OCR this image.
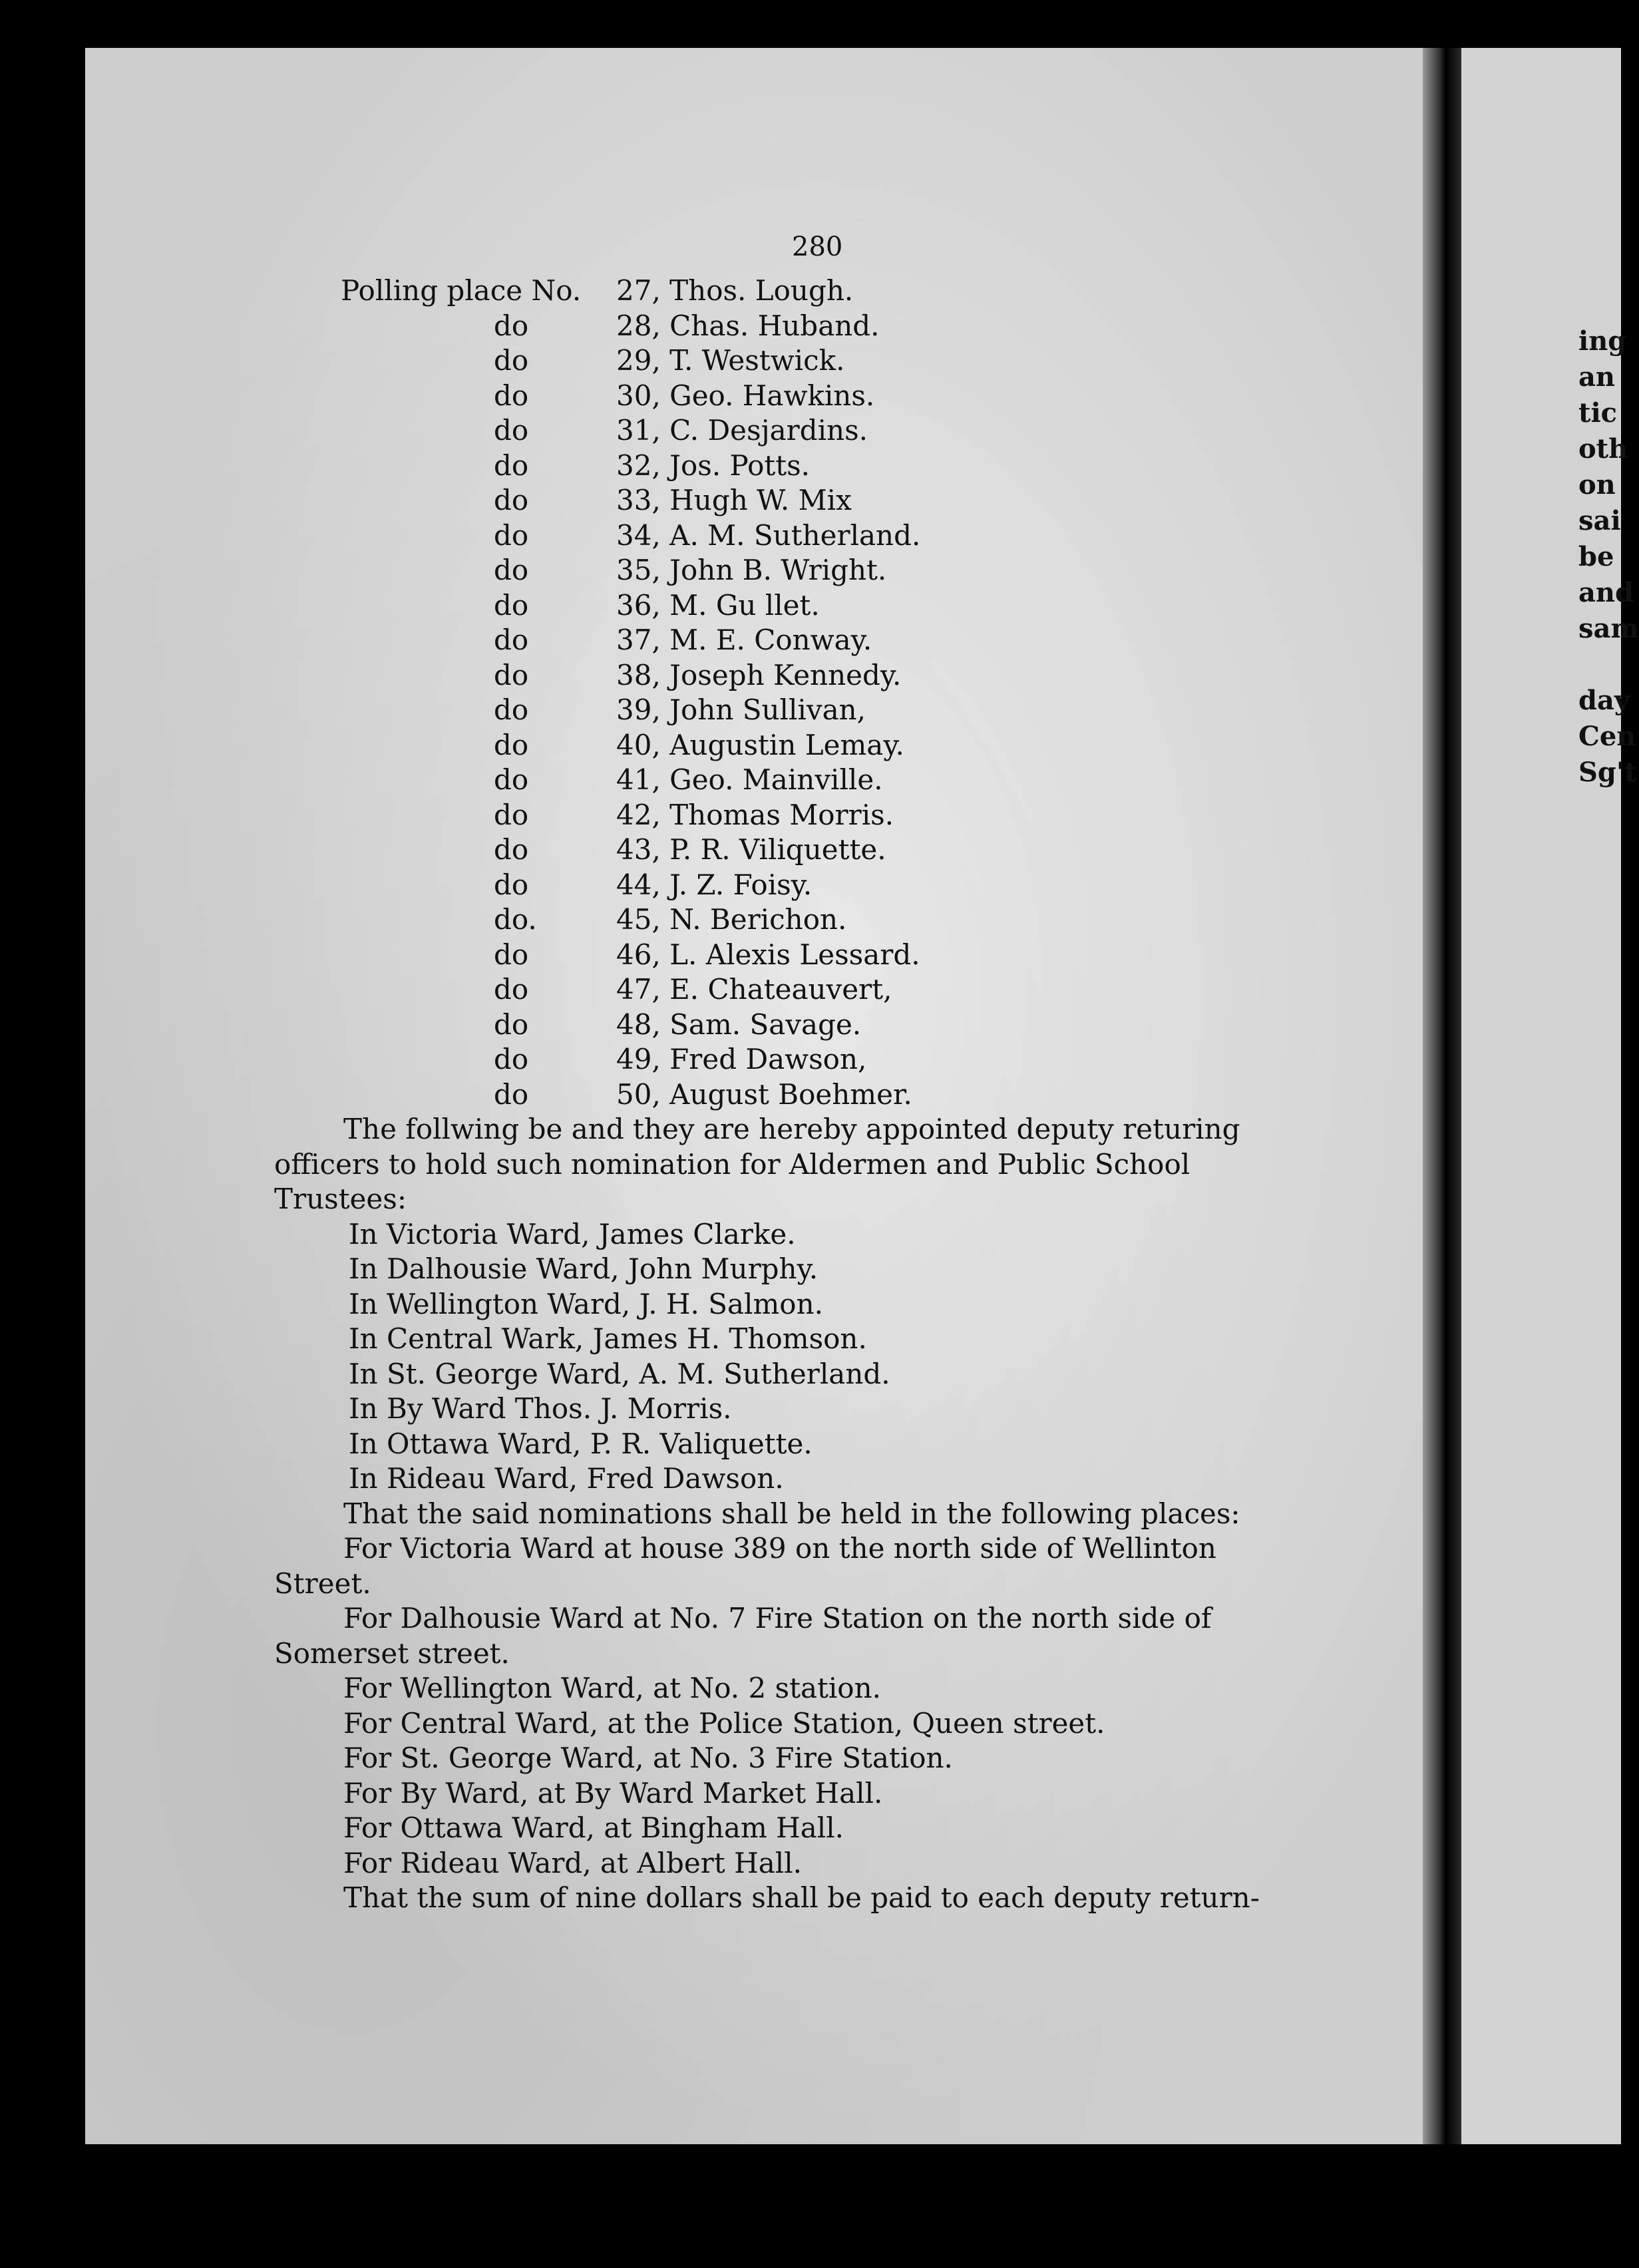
280
Polling place No. 27, Thos. Lough.
do	28, Chas. Huband.
do	29, T. Westwick.
do	30, Geo. Hawkins.
do	31, C. Desjardins.
do	32, Jos. Potts.
do	33, Hugh W. Mix
do	34, A. M. Sutherland.
do	35, John B. Wright.
do	36, M. Gu llet.
do	37, M. E. Conway.
do	38, Joseph Kennedy.
do	39, John Sullivan,
do	40, Augustin Lemay.
do	41, Geo. Mainville.
do	42, Thomas Morris.
do	43, P. R. Viliquette.
do	44, J. Z. Foisy.
do.	45, N. Berichon.
do	46, L. Alexis Lessard.
do	47, E. Chateauvert,
do	48, Sam. Savage.
do	49, Fred Dawson,
do	50, August Boehmer.
The follwing be and they are hereby appointed deputy returing
officers to hold such nomination for Aldermen and Public School
Trustees:
In Victoria Ward, James Clarke.
In Dalhousie Ward, John Murphy.
In Wellington Ward, J. H. Salmon.
In Central Wark, James H. Thomson.
In St. George Ward, A. M. Sutherland.
In By Ward Thos. J. Morris.
In Ottawa Ward, P. R. Valiquette.
In Rideau Ward, Fred Dawson.
That the said nominations shall be held in the following places:
For Victoria Ward at house 389 on the north side of Wellinton
Street.
For Dalhousie Ward at No. 7 Fire Station on the north side of
Somerset street.
For Wellington Ward, at No. 2 station.
For Central Ward, at the Police Station, Queen street.
For St. George Ward, at No. 3 Fire Station.
For By Ward, at By Ward Market Hall.
For Ottawa Ward, at Bingham Hall.
For Rideau Ward, at Albert Hall.
That the sum of nine dollars shall be paid to each deputy return-
ing
an
tic
oth
on
sai
be
and
sam
day
Cen
Sg't
